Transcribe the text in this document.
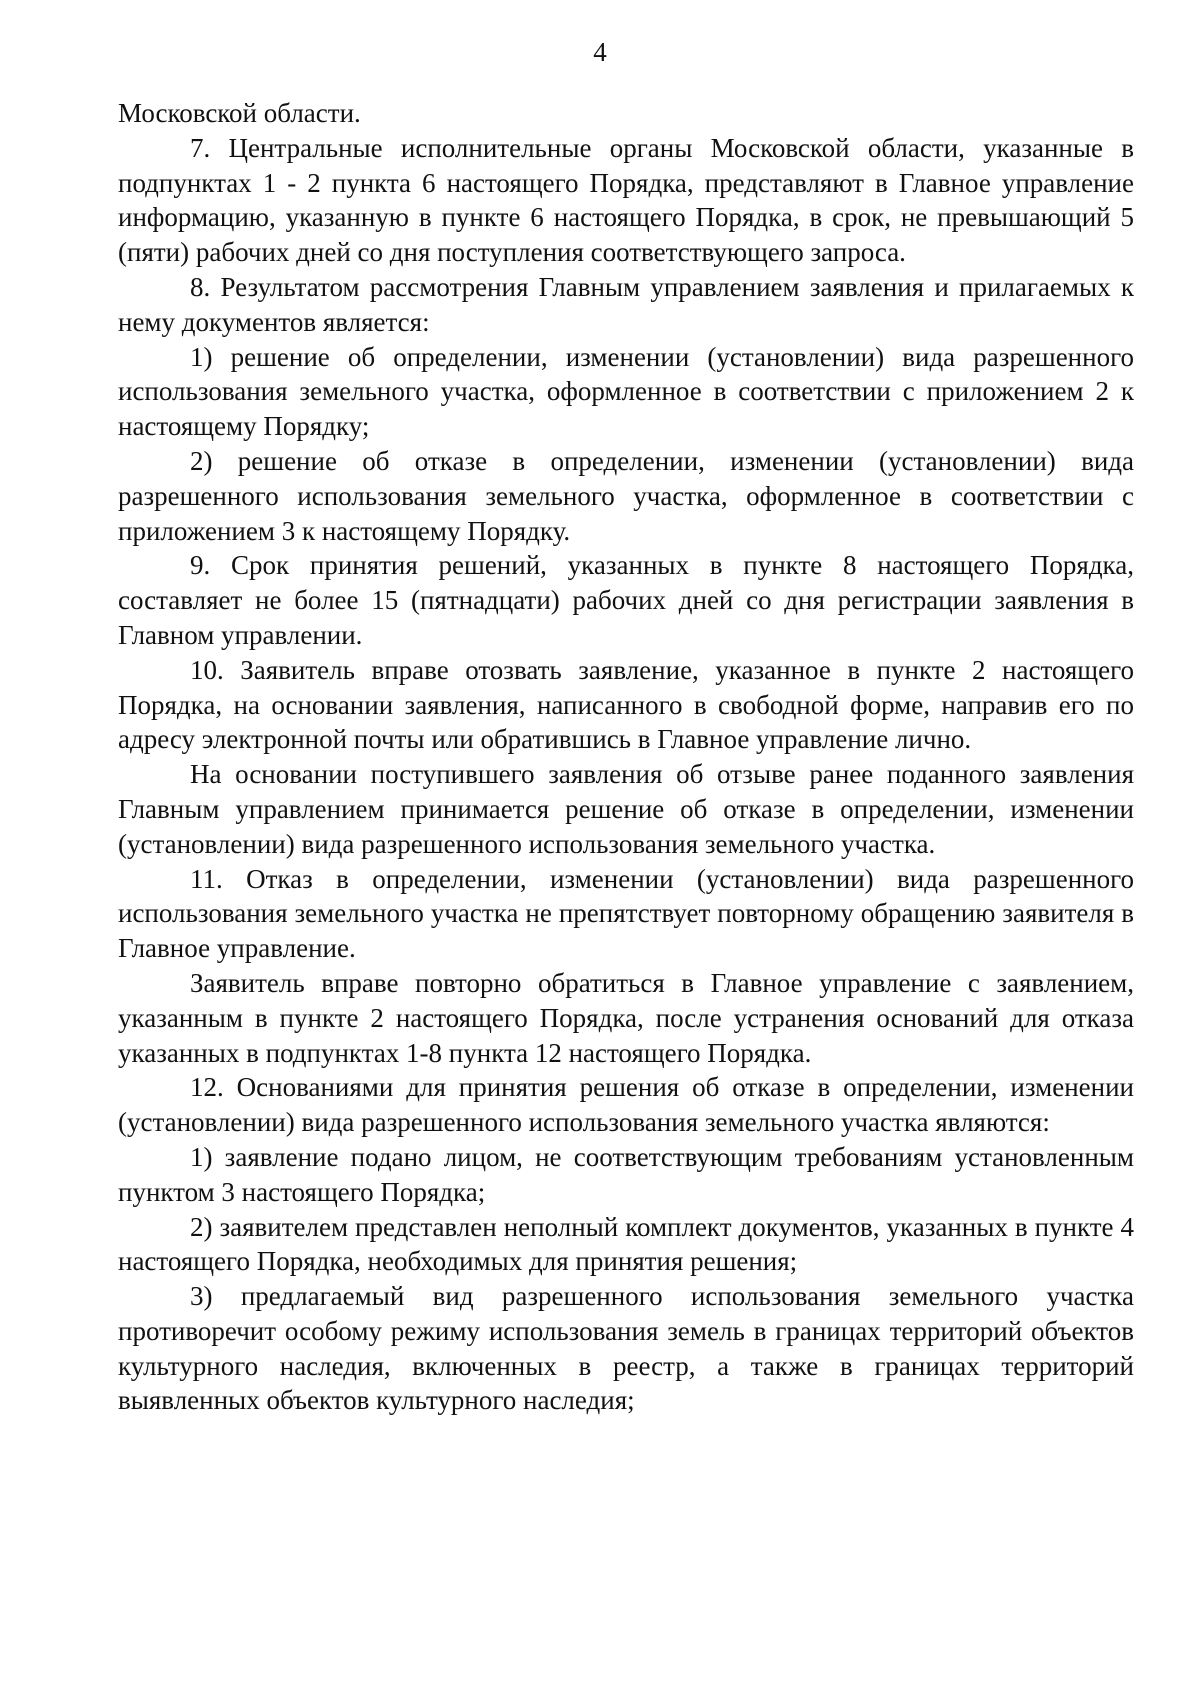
4

Московской области.

7. Центральные исполнительные органы Московской области, указанные в подпунктах 1 - 2 пункта 6 настоящего Порядка, представляют в Главное управление информацию, указанную в пункте 6 настоящего Порядка, в срок, не превышающий 5 (пяти) рабочих дней со дня поступления соответствующего запроса.

8. Результатом рассмотрения Главным управлением заявления и прилагаемых к нему документов является:

1) решение об определении, изменении (установлении) вида разрешенного использования земельного участка, оформленное в соответствии с приложением 2 к настоящему Порядку;

2) решение об отказе в определении, изменении (установлении) вида разрешенного использования земельного участка, оформленное в соответствии с приложением 3 к настоящему Порядку.

9. Срок принятия решений, указанных в пункте 8 настоящего Порядка, составляет не более 15 (пятнадцати) рабочих дней со дня регистрации заявления в Главном управлении.

10. Заявитель вправе отозвать заявление, указанное в пункте 2 настоящего Порядка, на основании заявления, написанного в свободной форме, направив его по адресу электронной почты или обратившись в Главное управление лично.

На основании поступившего заявления об отзыве ранее поданного заявления Главным управлением принимается решение об отказе в определении, изменении (установлении) вида разрешенного использования земельного участка.

11. Отказ в определении, изменении (установлении) вида разрешенного использования земельного участка не препятствует повторному обращению заявителя в Главное управление.

Заявитель вправе повторно обратиться в Главное управление с заявлением, указанным в пункте 2 настоящего Порядка, после устранения оснований для отказа указанных в подпунктах 1-8 пункта 12 настоящего Порядка.

12. Основаниями для принятия решения об отказе в определении, изменении (установлении) вида разрешенного использования земельного участка являются:

1) заявление подано лицом, не соответствующим требованиям установленным пунктом 3 настоящего Порядка;

2) заявителем представлен неполный комплект документов, указанных в пункте 4 настоящего Порядка, необходимых для принятия решения;

3) предлагаемый вид разрешенного использования земельного участка противоречит особому режиму использования земель в границах территорий объектов культурного наследия, включенных в реестр, а также в границах территорий выявленных объектов культурного наследия;
